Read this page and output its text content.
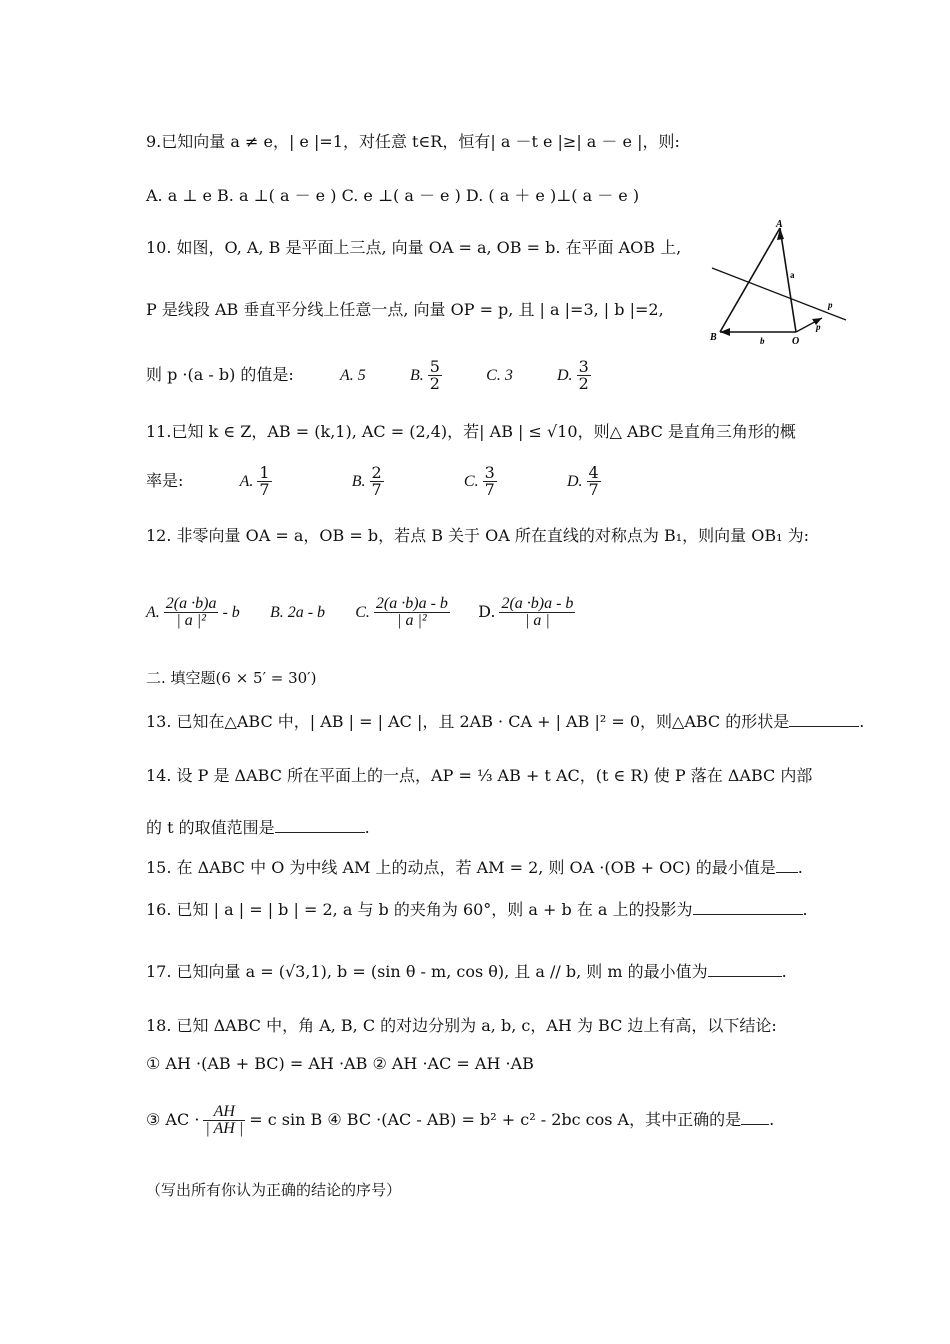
9.已知向量 a ≠ e，| e |=1，对任意 t∈R，恒有| a －t e |≥| a － e |，则:
A. a ⊥ e B. a ⊥( a － e ) C. e ⊥( a － e ) D. ( a ＋ e )⊥( a － e )
10. 如图，O, A, B 是平面上三点, 向量 OA = a, OB = b. 在平面 AOB 上,
P 是线段 AB 垂直平分线上任意一点, 向量 OP = p, 且 | a |=3, | b |=2,
则 p ·(a - b) 的值是:	A. 5	B. $\frac{5}{2}$	C. 3	D. $\frac{3}{2}$
A
B	O
a
b
p
p
11.已知 k ∈ Z，AB = (k,1), AC = (2,4)，若| AB | ≤ √10，则△ ABC 是直角三角形的概
率是:	A. $\frac{1}{7}$	B. $\frac{2}{7}$	C. $\frac{3}{7}$	D. $\frac{4}{7}$
12. 非零向量 OA = a，OB = b，若点 B 关于 OA 所在直线的对称点为 B₁，则向量 OB₁ 为:
A. $\frac{2(a \cdot b)a}{\text{| a |²}}$ - b B. 2a - b C. $\frac{2(a \cdot b)a - b}{\text{| a |²}} D$. $\frac{2(a \cdot b)a - b}{| a |}$
二. 填空题(6 × 5′ = 30′)
13. 已知在△ABC 中，| AB | = | AC |，且 2AB · CA + | AB |² = 0，则△ABC 的形状是	.
14. 设 P 是 ΔABC 所在平面上的一点，AP = ⅓ AB + t AC，(t ∈ R) 使 P 落在 ΔABC 内部
的 t 的取值范围是	.
15. 在 ΔABC 中 O 为中线 AM 上的动点，若 AM = 2, 则 OA ·(OB + OC) 的最小值是 .
16. 已知 | a | = | b | = 2, a 与 b 的夹角为 60°，则 a + b 在 a 上的投影为	.
17. 已知向量 a = (√3,1), b = (sin θ - m, cos θ), 且 a // b, 则 m 的最小值为	.
18. 已知 ΔABC 中，角 A, B, C 的对边分别为 a, b, c，AH 为 BC 边上有高，以下结论:
① AH ·(AB + BC) = AH ·AB ② AH ·AC = AH ·AB
③ AC · $\frac{AH}{| AH |} = c$ sin B ④ BC ·(AC - AB) = b² + c² - 2bc cos A，其中正确的是 .
（写出所有你认为正确的结论的序号）
